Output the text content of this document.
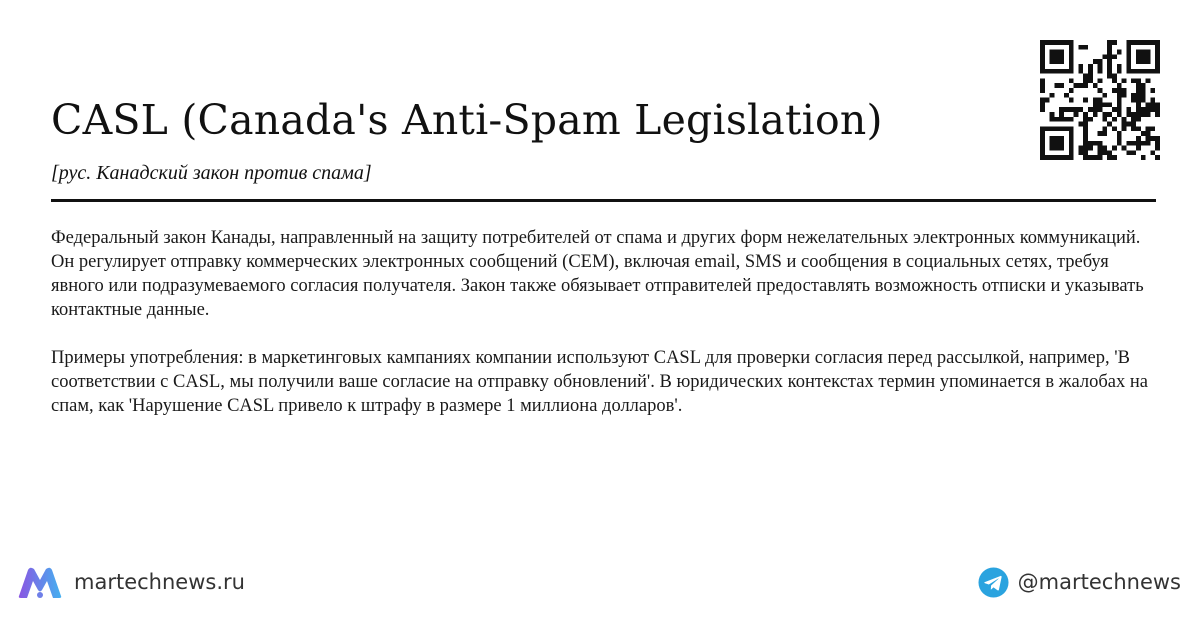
CASL (Canada's Anti-Spam Legislation)
[рус. Канадский закон против спама]

Федеральный закон Канады, направленный на защиту потребителей от спама и других форм нежелательных электронных коммуникаций. Он регулирует отправку коммерческих электронных сообщений (CEM), включая email, SMS и сообщения в социальных сетях, требуя явного или подразумеваемого согласия получателя. Закон также обязывает отправителей предоставлять возможность отписки и указывать контактные данные.

Примеры употребления: в маркетинговых кампаниях компании используют CASL для проверки согласия перед рассылкой, например, 'В соответствии с CASL, мы получили ваше согласие на отправку обновлений'. В юридических контекстах термин упоминается в жалобах на спам, как 'Нарушение CASL привело к штрафу в размере 1 миллиона долларов'.

martechnews.ru	@martechnews
